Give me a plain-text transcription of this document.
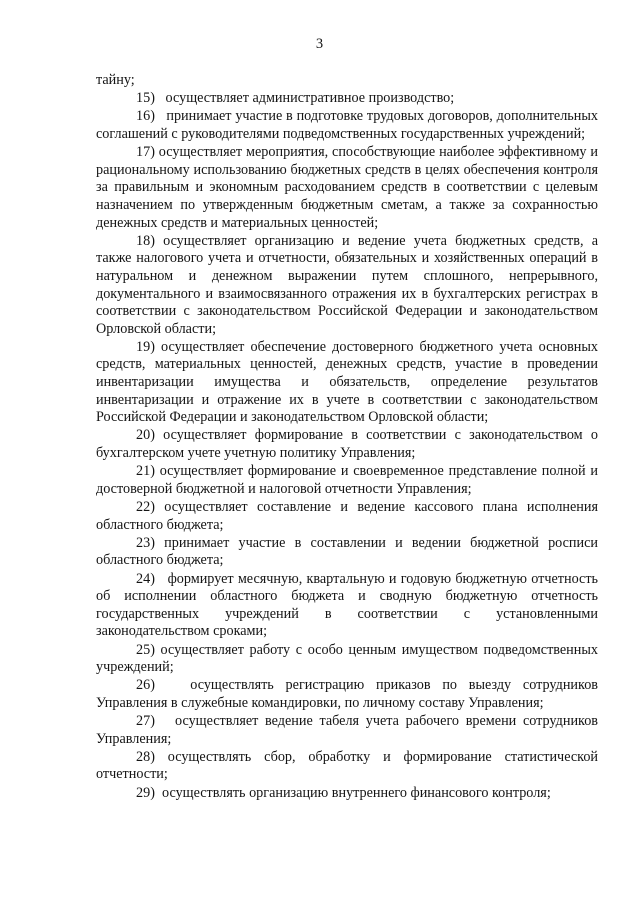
3

тайну;

15)   осуществляет административное производство;

16)   принимает участие в подготовке трудовых договоров, дополнительных соглашений с руководителями подведомственных государственных учреждений;

17) осуществляет мероприятия, способствующие наиболее эффективному и рациональному использованию бюджетных средств в целях обеспечения контроля за правильным и экономным расходованием средств в соответствии с целевым назначением по утвержденным бюджетным сметам, а также за сохранностью денежных средств и материальных ценностей;

18) осуществляет организацию и ведение учета бюджетных средств, а также налогового учета и отчетности, обязательных и хозяйственных операций в натуральном и денежном выражении путем сплошного, непрерывного, документального и взаимосвязанного отражения их в бухгалтерских регистрах в соответствии с законодательством Российской Федерации и законодательством Орловской области;

19) осуществляет обеспечение достоверного бюджетного учета основных средств, материальных ценностей, денежных средств, участие в проведении инвентаризации имущества и обязательств, определение результатов инвентаризации и отражение их в учете в соответствии с законодательством Российской Федерации и законодательством Орловской области;

20) осуществляет формирование в соответствии с законодательством о бухгалтерском учете учетную политику Управления;

21) осуществляет формирование и своевременное представление полной и достоверной бюджетной и налоговой отчетности Управления;

22) осуществляет составление и ведение кассового плана исполнения областного бюджета;

23) принимает участие в составлении и ведении бюджетной росписи областного бюджета;

24)   формирует месячную, квартальную и годовую бюджетную отчетность об исполнении областного бюджета и сводную бюджетную отчетность государственных учреждений в соответствии с установленными законодательством сроками;

25) осуществляет работу с особо ценным имуществом подведомственных учреждений;

26)   осуществлять регистрацию приказов по выезду сотрудников Управления в служебные командировки, по личному составу Управления;

27)   осуществляет ведение табеля учета рабочего времени сотрудников Управления;

28) осуществлять сбор, обработку и формирование статистической отчетности;

29)  осуществлять организацию внутреннего финансового контроля;
